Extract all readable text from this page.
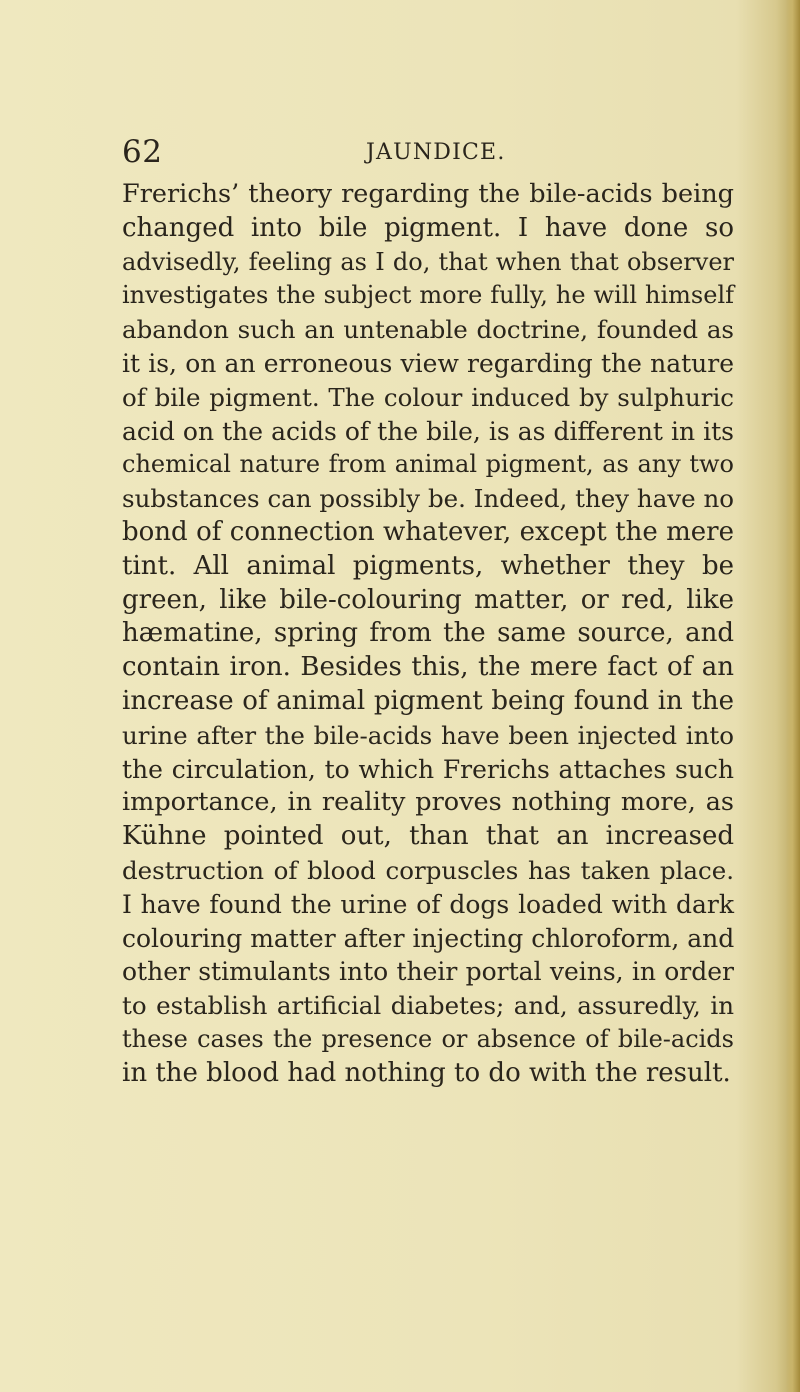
62	JAUNDICE.
Frerichs’ theory regarding the bile-acids being
changed into bile pigment. I have done so
advisedly, feeling as I do, that when that observer
investigates the subject more fully, he will himself
abandon such an untenable doctrine, founded as
it is, on an erroneous view regarding the nature
of bile pigment. The colour induced by sulphuric
acid on the acids of the bile, is as different in its
chemical nature from animal pigment, as any two
substances can possibly be. Indeed, they have no
bond of connection whatever, except the mere
tint. All animal pigments, whether they be
green, like bile-colouring matter, or red, like
hæmatine, spring from the same source, and
contain iron. Besides this, the mere fact of an
increase of animal pigment being found in the
urine after the bile-acids have been injected into
the circulation, to which Frerichs attaches such
importance, in reality proves nothing more, as
Kühne pointed out, than that an increased
destruction of blood corpuscles has taken place.
I have found the urine of dogs loaded with dark
colouring matter after injecting chloroform, and
other stimulants into their portal veins, in order
to establish artificial diabetes; and, assuredly, in
these cases the presence or absence of bile-acids
in the blood had nothing to do with the result.
